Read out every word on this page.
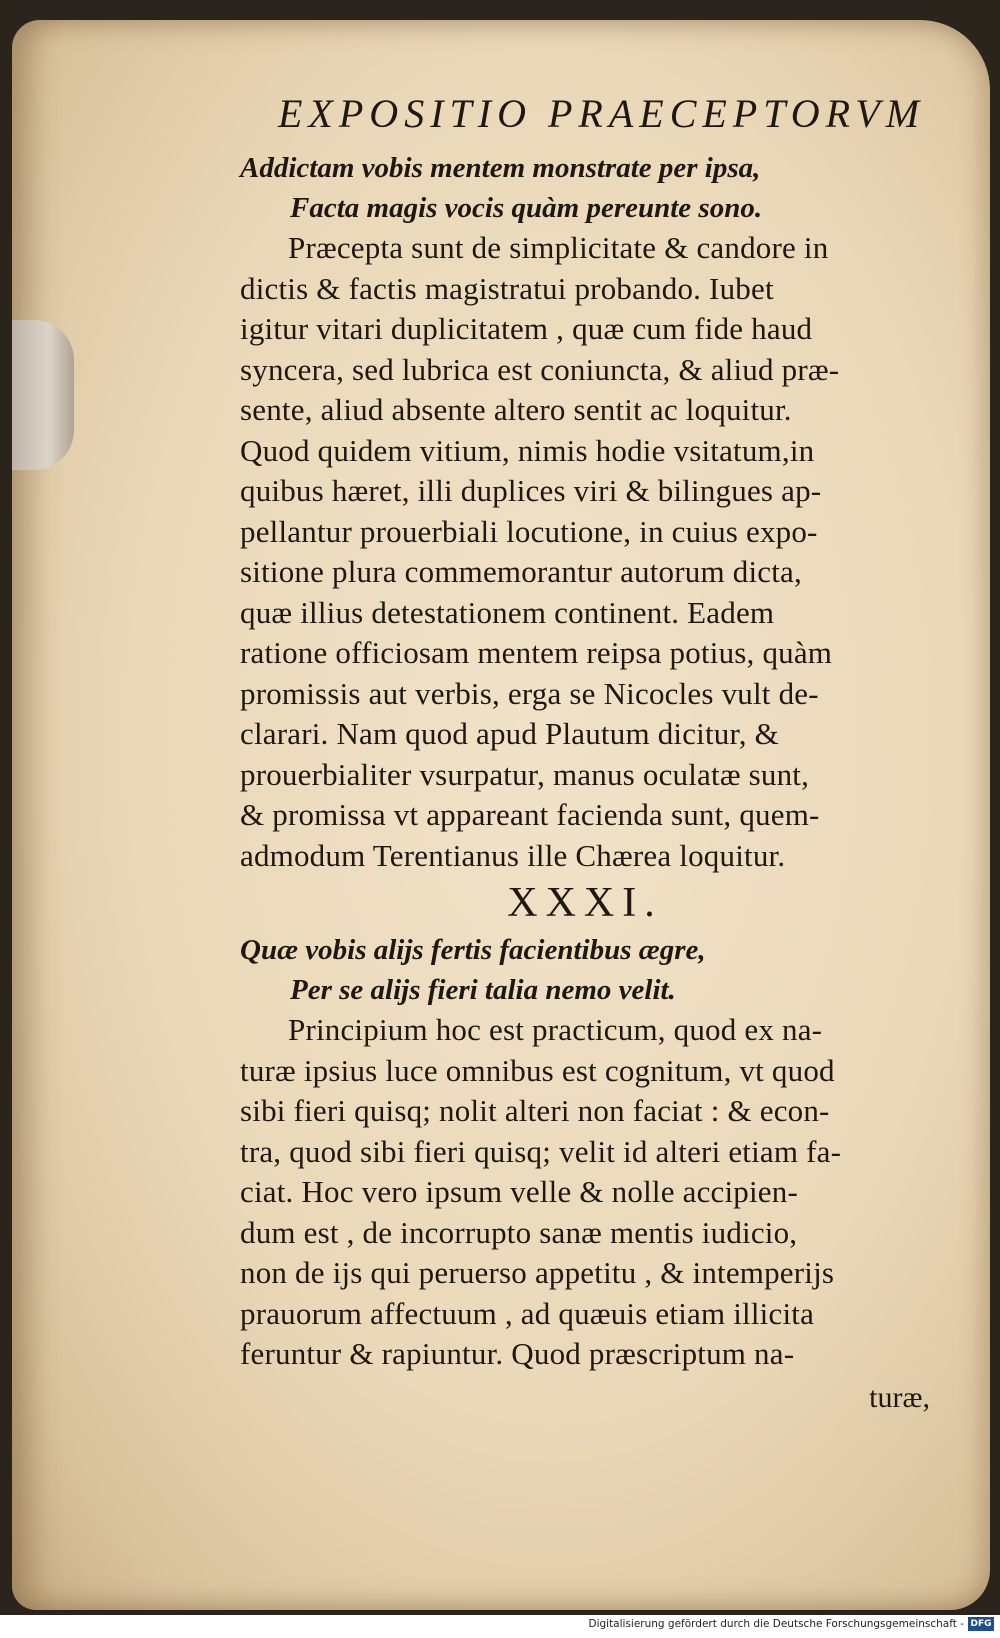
EXPOSITIO PRAECEPTORVM

Addictam vobis mentem monstrate per ipsa,

Facta magis vocis quàm pereunte sono.

Præcepta sunt de simplicitate & candore in
dictis & factis magistratui probando. Iubet
igitur vitari duplicitatem , quæ cum fide haud
syncera, sed lubrica est coniuncta, & aliud præ-
sente, aliud absente altero sentit ac loquitur.
Quod quidem vitium, nimis hodie vsitatum,in
quibus hæret, illi duplices viri & bilingues ap-
pellantur prouerbiali locutione, in cuius expo-
sitione plura commemorantur autorum dicta,
quæ illius detestationem continent. Eadem
ratione officiosam mentem reipsa potius, quàm
promissis aut verbis, erga se Nicocles vult de-
clarari. Nam quod apud Plautum dicitur, &
prouerbialiter vsurpatur, manus oculatæ sunt,
& promissa vt appareant facienda sunt, quem-
admodum Terentianus ille Chærea loquitur.
XXXI.

Quæ vobis alijs fertis facientibus ægre,

Per se alijs fieri talia nemo velit.

Principium hoc est practicum, quod ex na-
turæ ipsius luce omnibus est cognitum, vt quod
sibi fieri quisq; nolit alteri non faciat : & econ-
tra, quod sibi fieri quisq; velit id alteri etiam fa-
ciat. Hoc vero ipsum velle & nolle accipien-
dum est , de incorrupto sanæ mentis iudicio,
non de ijs qui peruerso appetitu , & intemperijs
prauorum affectuum , ad quæuis etiam illicita
feruntur & rapiuntur. Quod præscriptum na-
turæ,
Digitalisierung gefördert durch die Deutsche Forschungsgemeinschaft - DFG
